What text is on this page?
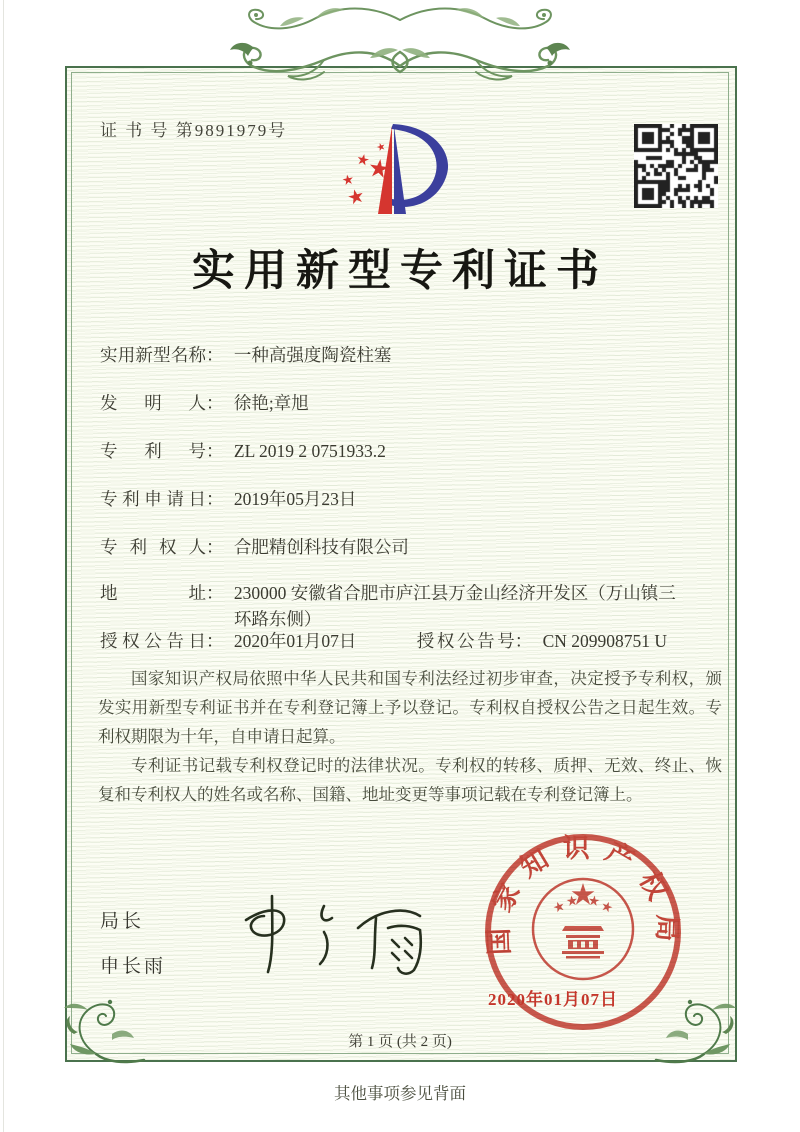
证 书 号 第9891979号
实用新型专利证书
实用新型名称： 一种高强度陶瓷柱塞
发明人： 徐艳;章旭
专利号： ZL 2019 2 0751933.2
专利申请日： 2019年05月23日
专利权人： 合肥精创科技有限公司
地址： 230000 安徽省合肥市庐江县万金山经济开发区（万山镇三环路东侧）
授权公告日： 2020年01月07日	授权公告号： CN 209908751 U

国家知识产权局依照中华人民共和国专利法经过初步审查，决定授予专利权，颁发实用新型专利证书并在专利登记簿上予以登记。专利权自授权公告之日起生效。专利权期限为十年，自申请日起算。

专利证书记载专利权登记时的法律状况。专利权的转移、质押、无效、终止、恢复和专利权人的姓名或名称、国籍、地址变更等事项记载在专利登记簿上。

局长
申长雨
国家知识产权局
2020年01月07日
第 1 页 (共 2 页)
其他事项参见背面
